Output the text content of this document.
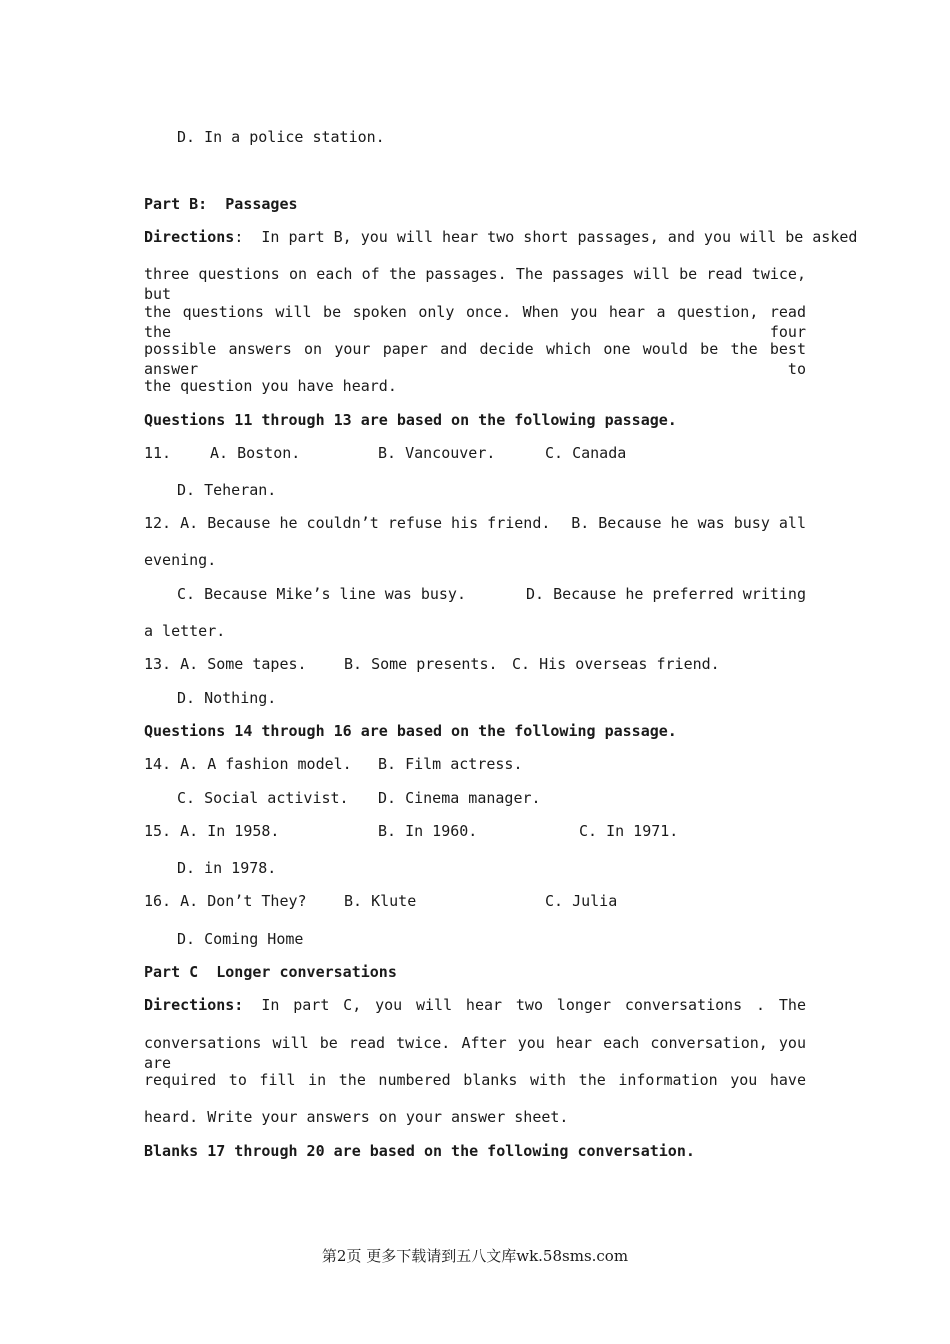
D. In a police station.

Part B:  Passages

Directions:  In part B, you will hear two short passages, and you will be asked

three questions on each of the passages. The passages will be read twice, but

the questions will be spoken only once. When you hear a question, read the four

possible answers on your paper and decide which one would be the best answer to

the question you have heard.

Questions 11 through 13 are based on the following passage.

11.

	A. Boston.

	B. Vancouver.

	C. Canada

D. Teheran.

12. A. Because he couldn’t refuse his friend.

B. Because he was busy all

evening.

C. Because Mike’s line was busy.

	D. Because he preferred writing

a letter.

13. A. Some tapes.

B. Some presents.

C. His overseas friend.

D. Nothing.

Questions 14 through 16 are based on the following passage.

14. A. A fashion model.

B. Film actress.

C. Social activist.

D. Cinema manager.

15. A. In 1958.

	B. In 1960.

	C. In 1971.

D. in 1978.

16. A. Don’t They?

B. Klute

	C. Julia

D. Coming Home

Part C  Longer conversations

Directions: In part C, you will hear two longer conversations . The

conversations will be read twice. After you hear each conversation, you are

required to fill in the numbered blanks with the information you have

heard. Write your answers on your answer sheet.

Blanks 17 through 20 are based on the following conversation.

第2页 更多下载请到五八文库wk.58sms.com
